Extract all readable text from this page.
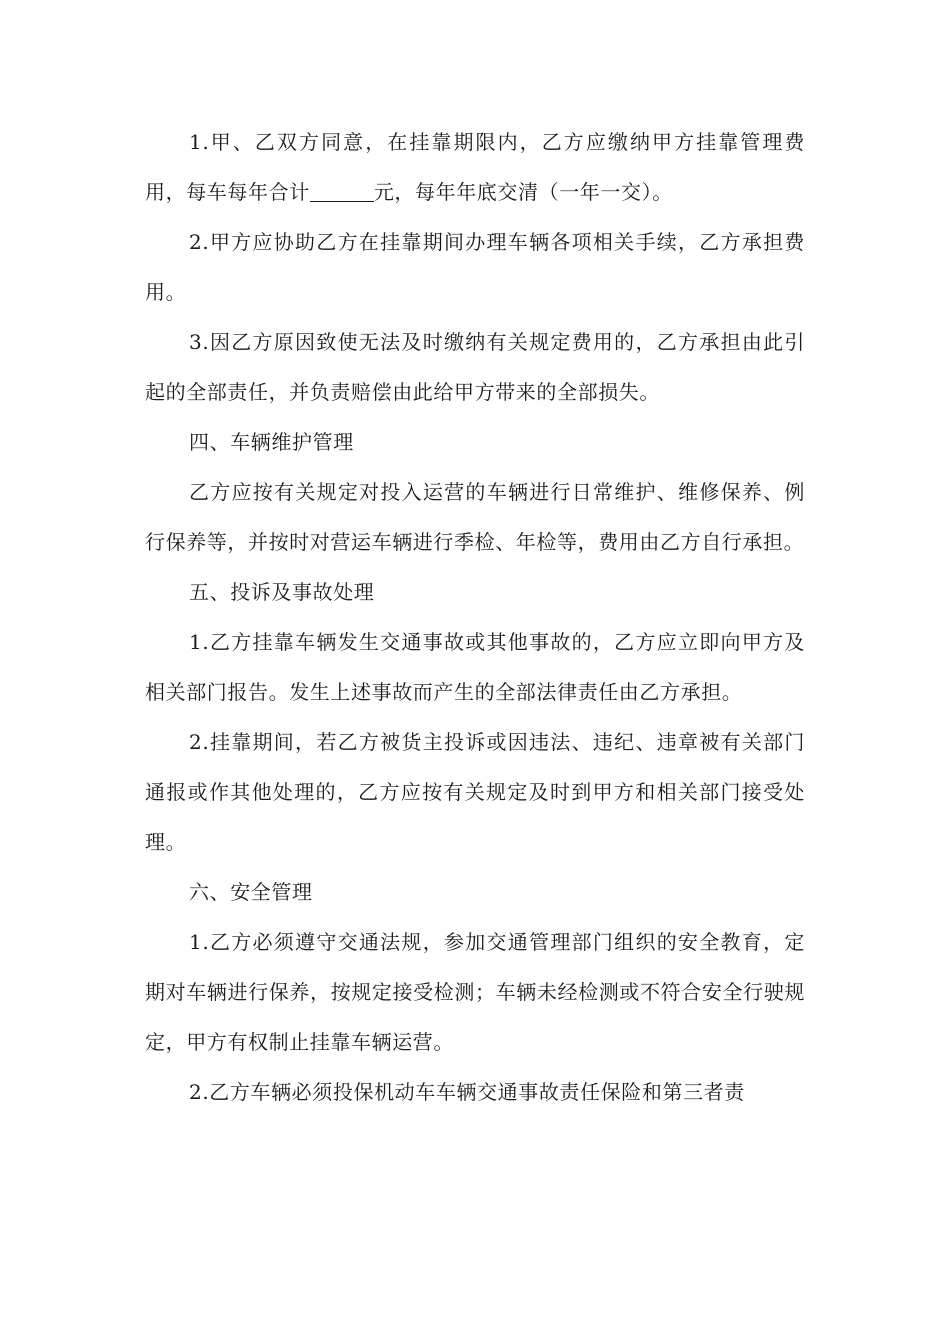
1.甲、乙双方同意，在挂靠期限内，乙方应缴纳甲方挂靠管理费用，每车每年合计	元，每年年底交清（一年一交）。

2.甲方应协助乙方在挂靠期间办理车辆各项相关手续，乙方承担费用。

3.因乙方原因致使无法及时缴纳有关规定费用的，乙方承担由此引起的全部责任，并负责赔偿由此给甲方带来的全部损失。

四、车辆维护管理

乙方应按有关规定对投入运营的车辆进行日常维护、维修保养、例行保养等，并按时对营运车辆进行季检、年检等，费用由乙方自行承担。

五、投诉及事故处理

1.乙方挂靠车辆发生交通事故或其他事故的，乙方应立即向甲方及相关部门报告。发生上述事故而产生的全部法律责任由乙方承担。

2.挂靠期间，若乙方被货主投诉或因违法、违纪、违章被有关部门通报或作其他处理的，乙方应按有关规定及时到甲方和相关部门接受处理。

六、安全管理

1.乙方必须遵守交通法规，参加交通管理部门组织的安全教育，定期对车辆进行保养，按规定接受检测；车辆未经检测或不符合安全行驶规定，甲方有权制止挂靠车辆运营。

2.乙方车辆必须投保机动车车辆交通事故责任保险和第三者责
